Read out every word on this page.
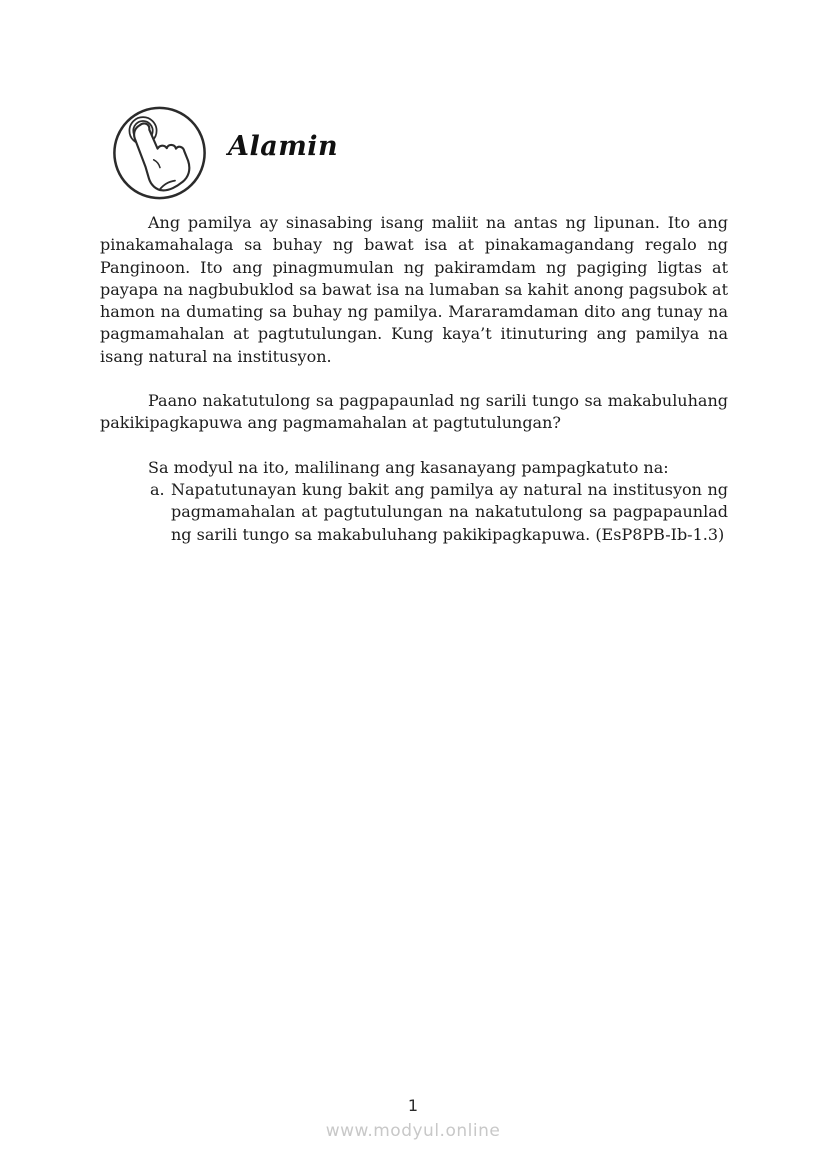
Alamin

Ang pamilya ay sinasabing isang maliit na antas ng lipunan. Ito ang pinakamahalaga sa buhay ng bawat isa at pinakamagandang regalo ng Panginoon. Ito ang pinagmumulan ng pakiramdam ng pagiging ligtas at payapa na nagbubuklod sa bawat isa na lumaban sa kahit anong pagsubok at hamon na dumating sa buhay ng pamilya. Mararamdaman dito ang tunay na pagmamahalan at pagtutulungan. Kung kaya’t itinuturing ang pamilya na isang natural na institusyon.

Paano nakatutulong sa pagpapaunlad ng sarili tungo sa makabuluhang pakikipagkapuwa ang pagmamahalan at pagtutulungan?

Sa modyul na ito, malilinang ang kasanayang pampagkatuto na:
a. Napatutunayan kung bakit ang pamilya ay natural na institusyon ng pagmamahalan at pagtutulungan na nakatutulong sa pagpapaunlad ng sarili tungo sa makabuluhang pakikipagkapuwa. (EsP8PB-Ib-1.3)
1
www.modyul.online
